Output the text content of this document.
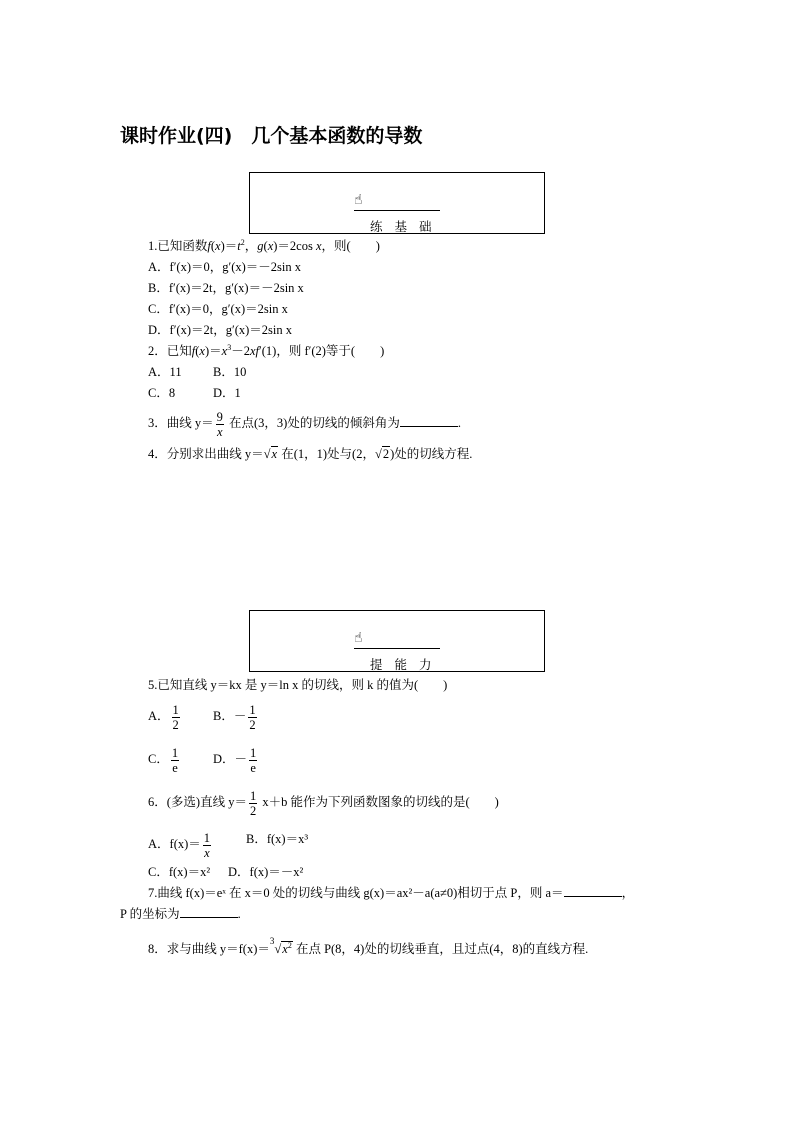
课时作业(四)　几个基本函数的导数
☝
练 基 础
1.已知函数$f(x)=t^2$，g(x)＝2cos x，则(　　)
A．f′(x)＝0，g′(x)＝－2sin x
B．f′(x)＝2t，g′(x)＝－2sin x
C．f′(x)＝0，g′(x)＝2sin x
D．f′(x)＝2t，g′(x)＝2sin x
2．已知$f(x)=x^3-2xf'(1)$，则 f′(2)等于(　　)
A．11	B．10
C．8	D．1
3．曲线 $y= \frac{9}{x}$ 在点(3，3)处的切线的倾斜角为	.
4．分别求出曲线 y＝√x 在(1，1)处与(2，√2)处的切线方程.
☝
提 能 力
5.已知直线 y＝kx 是 y＝ln x 的切线，则 k 的值为(　　)
A． $\frac{1}{2}$	B．－ $\frac{1}{2}$
C． $\frac{1}{e}$	D．－ $\frac{1}{e}$
6．(多选)直线 $y= \frac{1}{2} x+b$ 能作为下列函数图象的切线的是(　　)
A．$f(x)= \frac{1}{x}$	B．f(x)＝x³
C．f(x)＝x² D．f(x)＝－x²
7.曲线 f(x)＝eˣ 在 x＝0 处的切线与曲线 g(x)＝ax²－a(a≠0)相切于点 P，则 a＝	，
P 的坐标为	.
8．求与曲线 $y=f(x)=^3√x^2$ 在点 P(8，4)处的切线垂直，且过点(4，8)的直线方程.
